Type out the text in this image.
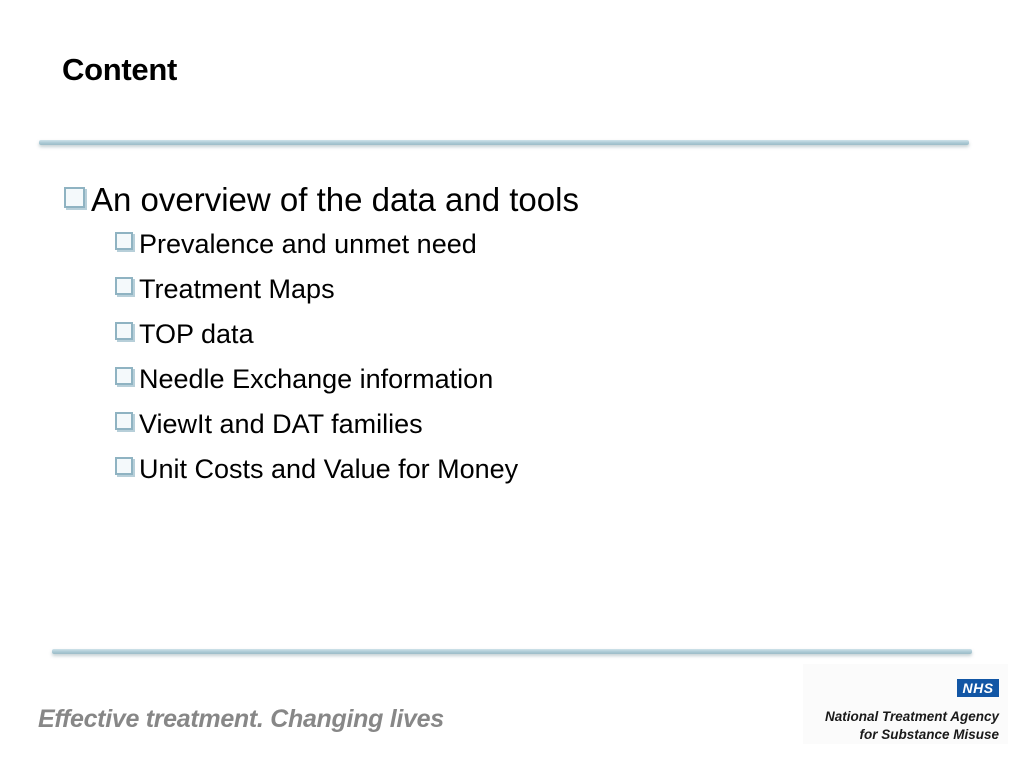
Content
An overview of the data and tools
Prevalence and unmet need
Treatment Maps
TOP data
Needle Exchange information
ViewIt and DAT families
Unit Costs and Value for Money
Effective treatment. Changing lives
NHS
National Treatment Agency
for Substance Misuse
